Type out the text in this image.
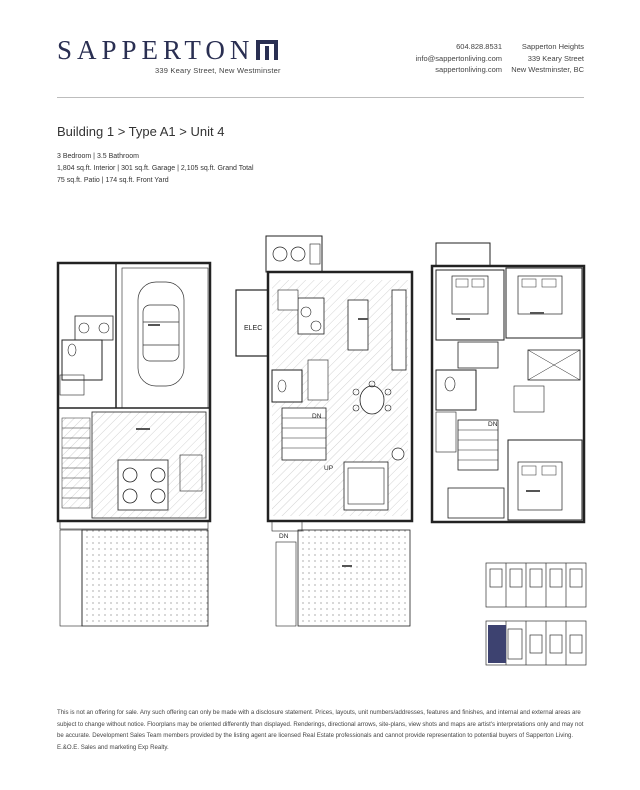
SAPPERTON
339 Keary Street, New Westminster
604.828.8531
info@sappertonliving.com
sappertonliving.com
Sapperton Heights
339 Keary Street
New Westminster, BC
Building 1 > Type A1 > Unit 4
3 Bedroom | 3.5 Bathroom
1,804 sq.ft. Interior | 301 sq.ft. Garage | 2,105 sq.ft. Grand Total
75 sq.ft. Patio | 174 sq.ft. Front Yard
ELEC
DN
UP
DN
DN
This is not an offering for sale. Any such offering can only be made with a disclosure statement. Prices, layouts, unit numbers/addresses, features and finishes, and internal and external areas are subject to change without notice. Floorplans may be oriented differently than displayed. Renderings, directional arrows, site-plans, view shots and maps are artist's interpretations only and may not be accurate. Development Sales Team members provided by the listing agent are licensed Real Estate professionals and cannot provide representation to potential buyers of Sapperton Living. E.&O.E. Sales and marketing Exp Realty.
